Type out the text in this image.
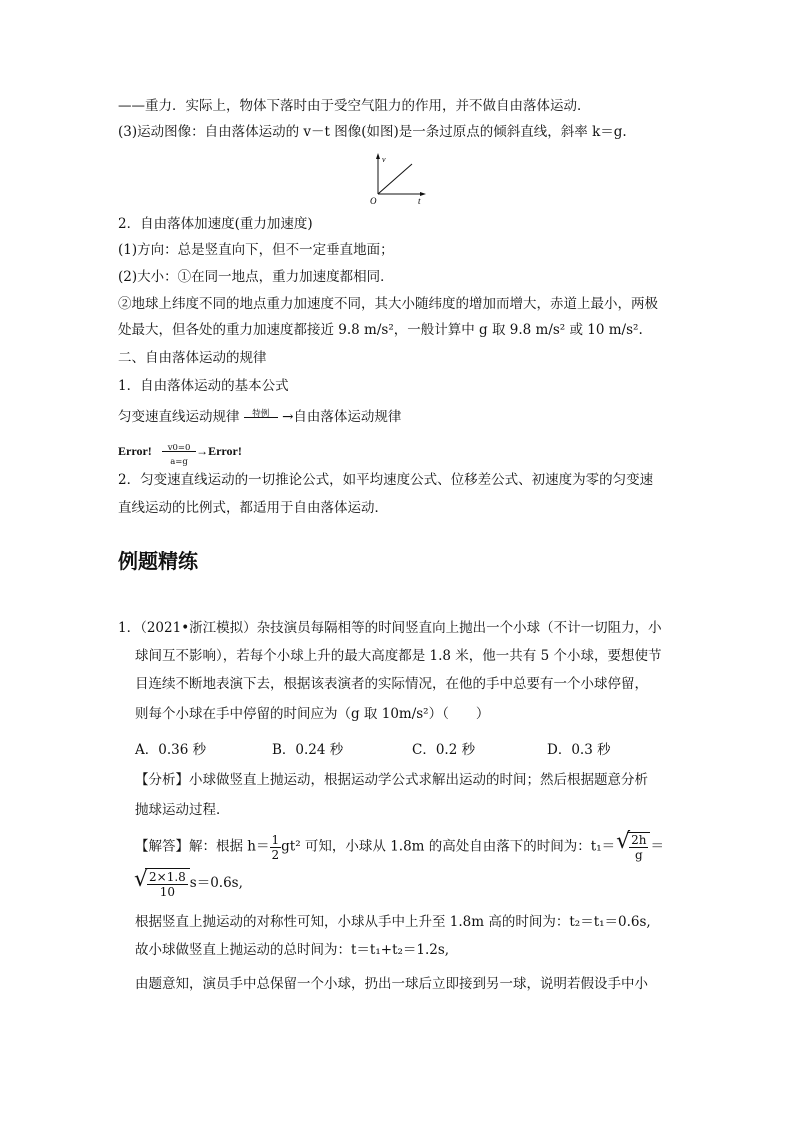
——重力．实际上，物体下落时由于受空气阻力的作用，并不做自由落体运动．
(3)运动图像：自由落体运动的 v－t 图像(如图)是一条过原点的倾斜直线，斜率 k＝g.
v
O	t
2．自由落体加速度(重力加速度)
(1)方向：总是竖直向下，但不一定垂直地面；
(2)大小：①在同一地点，重力加速度都相同．
②地球上纬度不同的地点重力加速度不同，其大小随纬度的增加而增大，赤道上最小，两极
处最大，但各处的重力加速度都接近 9.8 m/s²，一般计算中 g 取 9.8 m/s² 或 10 m/s².
二、自由落体运动的规律
1．自由落体运动的基本公式
匀变速直线运动规律	特例 →自由落体运动规律
Error!	v0=0
a=g
→Error!
2．匀变速直线运动的一切推论公式，如平均速度公式、位移差公式、初速度为零的匀变速
直线运动的比例式，都适用于自由落体运动．
例题精练
1．（2021•浙江模拟）杂技演员每隔相等的时间竖直向上抛出一个小球（不计一切阻力，小
球间互不影响），若每个小球上升的最大高度都是 1.8 米，他一共有 5 个小球，要想使节
目连续不断地表演下去，根据该表演者的实际情况，在他的手中总要有一个小球停留，
则每个小球在手中停留的时间应为（g 取 10m/s²）（　　）
A．0.36 秒	B．0.24 秒	C．0.2 秒	D．0.3 秒
【分析】小球做竖直上抛运动，根据运动学公式求解出运动的时间；然后根据题意分析
抛球运动过程．
【解答】解：根据 $h= \frac{1}{2} gt^2$ 可知，小球从 1.8m 的高处自由落下的时间为：t₁＝
√ $\frac{2h}{g}$ ＝
√ $\frac{2\times 1.8}{10} s=0.6s$,
根据竖直上抛运动的对称性可知，小球从手中上升至 1.8m 高的时间为：t₂＝t₁＝0.6s,
故小球做竖直上抛运动的总时间为：t＝t₁+t₂＝1.2s,
由题意知，演员手中总保留一个小球，扔出一球后立即接到另一球，说明若假设手中小
